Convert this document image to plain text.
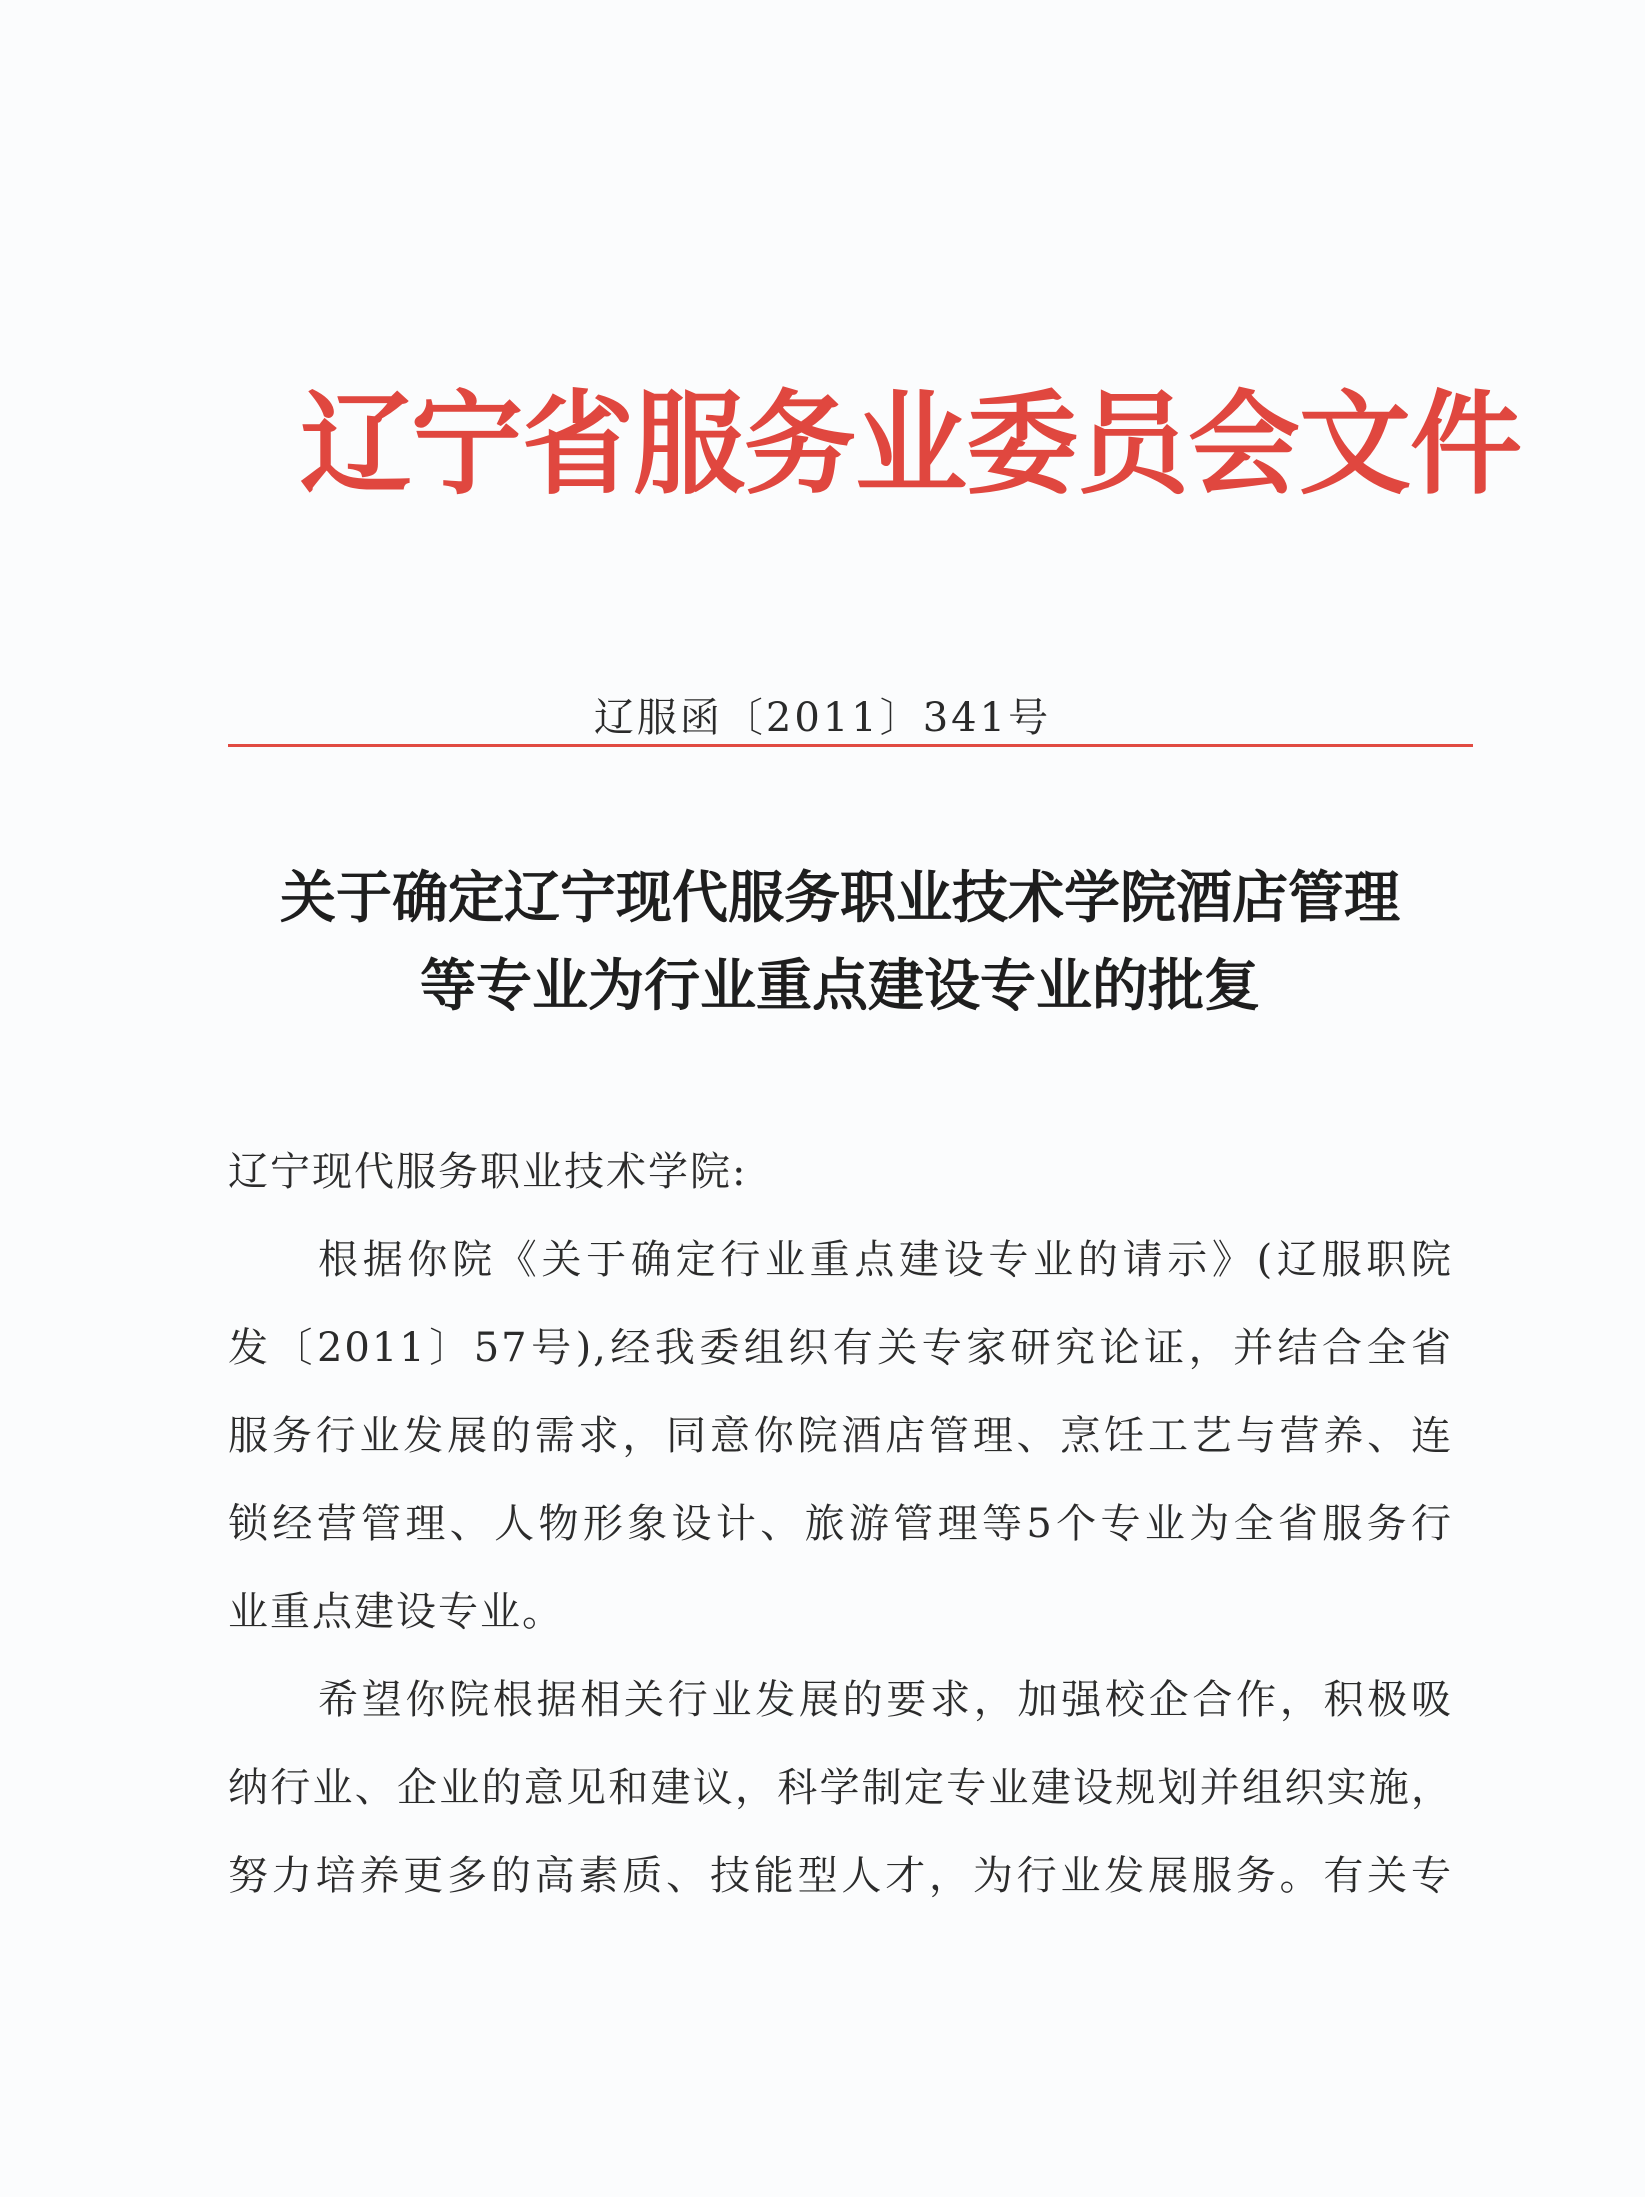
辽宁省服务业委员会文件
辽服函〔2011〕341号
关于确定辽宁现代服务职业技术学院酒店管理
等专业为行业重点建设专业的批复
辽宁现代服务职业技术学院:
根据你院《关于确定行业重点建设专业的请示》(辽服职院
发〔2011〕57号),经我委组织有关专家研究论证，并结合全省
服务行业发展的需求，同意你院酒店管理、烹饪工艺与营养、连
锁经营管理、人物形象设计、旅游管理等5个专业为全省服务行
业重点建设专业。
希望你院根据相关行业发展的要求，加强校企合作，积极吸
纳行业、企业的意见和建议，科学制定专业建设规划并组织实施，
努力培养更多的高素质、技能型人才，为行业发展服务。有关专
